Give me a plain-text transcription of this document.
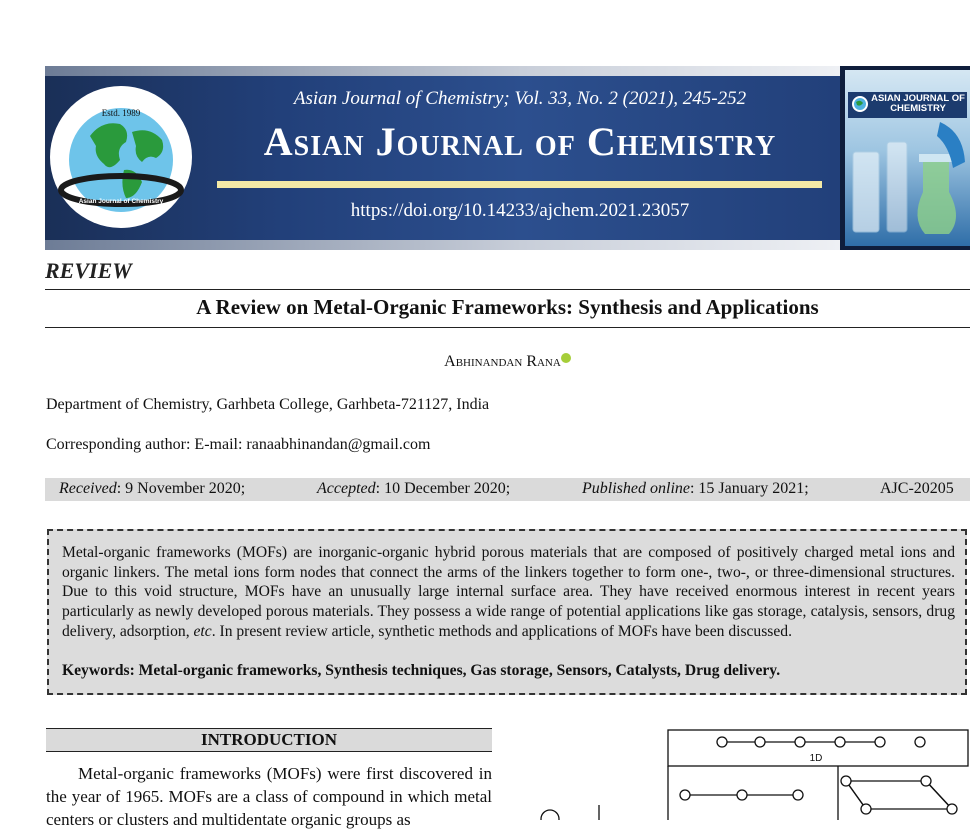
Estd. 1989
Asian Journal of Chemistry
Asian Journal of Chemistry; Vol. 33, No. 2 (2021), 245-252
Asian Journal of Chemistry
https://doi.org/10.14233/ajchem.2021.23057
ASIAN JOURNAL OF CHEMISTRY
REVIEW
A Review on Metal-Organic Frameworks: Synthesis and Applications
Abhinandan Rana
Department of Chemistry, Garhbeta College, Garhbeta-721127, India
Corresponding author: E-mail: ranaabhinandan@gmail.com
Received: 9 November 2020;	Accepted: 10 December 2020;	Published online: 15 January 2021;	AJC-20205
Metal-organic frameworks (MOFs) are inorganic-organic hybrid porous materials that are composed of positively charged metal ions and organic linkers. The metal ions form nodes that connect the arms of the linkers together to form one-, two-, or three-dimensional structures. Due to this void structure, MOFs have an unusually large internal surface area. They have received enormous interest in recent years particularly as newly developed porous materials. They possess a wide range of potential applications like gas storage, catalysis, sensors, drug delivery, adsorption, etc. In present review article, synthetic methods and applications of MOFs have been discussed.
Keywords: Metal-organic frameworks, Synthesis techniques, Gas storage, Sensors, Catalysts, Drug delivery.
INTRODUCTION

Metal-organic frameworks (MOFs) were first discovered in the year of 1965. MOFs are a class of compound in which metal centers or clusters and multidentate organic groups as

1D
